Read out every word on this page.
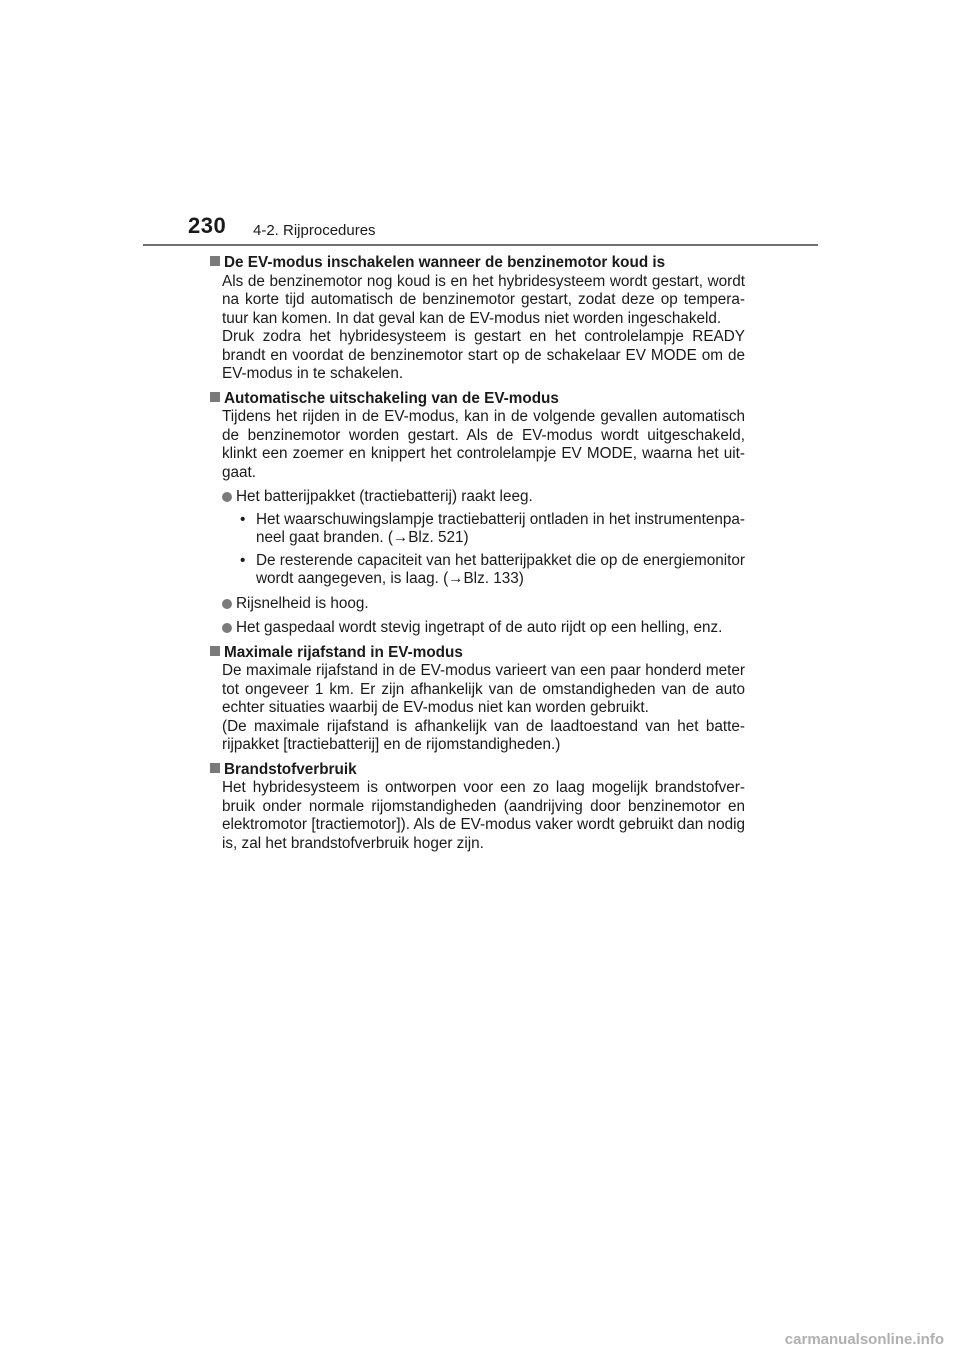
230 4-2. Rijprocedures
De EV-modus inschakelen wanneer de benzinemotor koud is
Als de benzinemotor nog koud is en het hybridesysteem wordt gestart, wordt na korte tijd automatisch de benzinemotor gestart, zodat deze op tempera-tuur kan komen. In dat geval kan de EV-modus niet worden ingeschakeld.
Druk zodra het hybridesysteem is gestart en het controlelampje READY brandt en voordat de benzinemotor start op de schakelaar EV MODE om de EV-modus in te schakelen.
Automatische uitschakeling van de EV-modus
Tijdens het rijden in de EV-modus, kan in de volgende gevallen automatisch de benzinemotor worden gestart. Als de EV-modus wordt uitgeschakeld, klinkt een zoemer en knippert het controlelampje EV MODE, waarna het uit-gaat.
Het batterijpakket (tractiebatterij) raakt leeg.
• Het waarschuwingslampje tractiebatterij ontladen in het instrumentenpa-neel gaat branden. (→Blz. 521)
• De resterende capaciteit van het batterijpakket die op de energiemonitor wordt aangegeven, is laag. (→Blz. 133)
Rijsnelheid is hoog.
Het gaspedaal wordt stevig ingetrapt of de auto rijdt op een helling, enz.
Maximale rijafstand in EV-modus
De maximale rijafstand in de EV-modus varieert van een paar honderd meter tot ongeveer 1 km. Er zijn afhankelijk van de omstandigheden van de auto echter situaties waarbij de EV-modus niet kan worden gebruikt.
(De maximale rijafstand is afhankelijk van de laadtoestand van het batte-rijpakket [tractiebatterij] en de rijomstandigheden.)
Brandstofverbruik
Het hybridesysteem is ontworpen voor een zo laag mogelijk brandstofver-bruik onder normale rijomstandigheden (aandrijving door benzinemotor en elektromotor [tractiemotor]). Als de EV-modus vaker wordt gebruikt dan nodig is, zal het brandstofverbruik hoger zijn.
carmanualsonline.info
